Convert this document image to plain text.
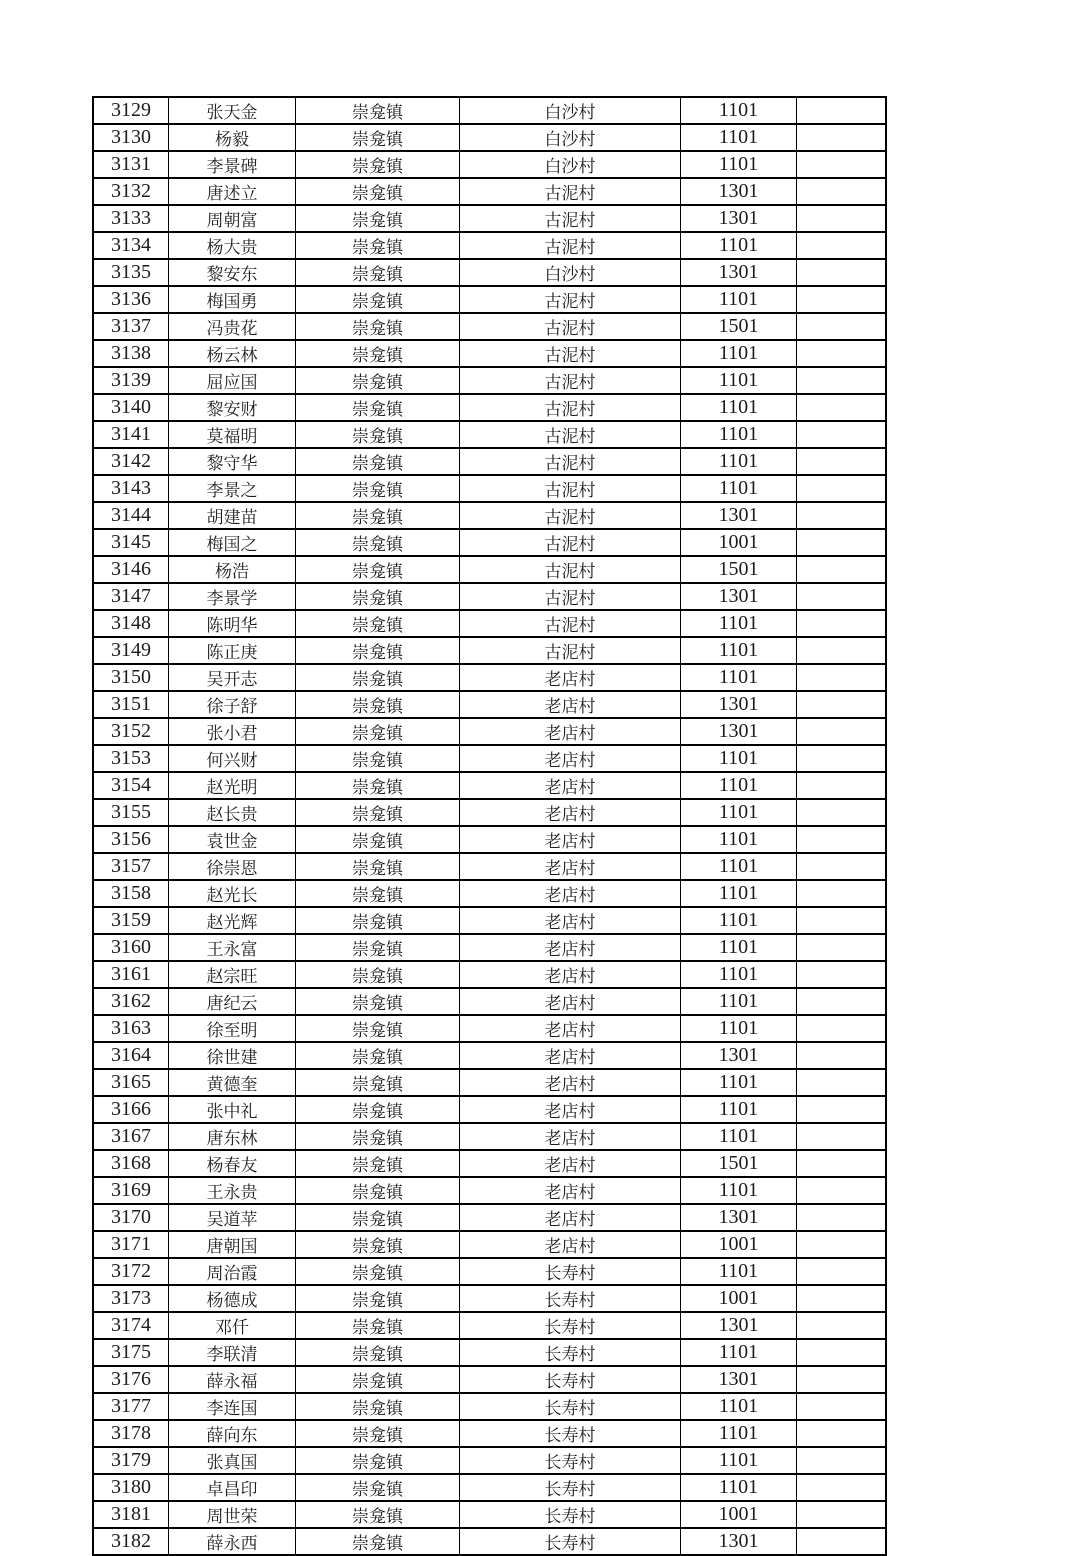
3129	张天金	崇龛镇	白沙村	1101	
3130	杨毅	崇龛镇	白沙村	1101	
3131	李景碑	崇龛镇	白沙村	1101	
3132	唐述立	崇龛镇	古泥村	1301	
3133	周朝富	崇龛镇	古泥村	1301	
3134	杨大贵	崇龛镇	古泥村	1101	
3135	黎安东	崇龛镇	白沙村	1301	
3136	梅国勇	崇龛镇	古泥村	1101	
3137	冯贵花	崇龛镇	古泥村	1501	
3138	杨云林	崇龛镇	古泥村	1101	
3139	屈应国	崇龛镇	古泥村	1101	
3140	黎安财	崇龛镇	古泥村	1101	
3141	莫福明	崇龛镇	古泥村	1101	
3142	黎守华	崇龛镇	古泥村	1101	
3143	李景之	崇龛镇	古泥村	1101	
3144	胡建苗	崇龛镇	古泥村	1301	
3145	梅国之	崇龛镇	古泥村	1001	
3146	杨浩	崇龛镇	古泥村	1501	
3147	李景学	崇龛镇	古泥村	1301	
3148	陈明华	崇龛镇	古泥村	1101	
3149	陈正庚	崇龛镇	古泥村	1101	
3150	吴开志	崇龛镇	老店村	1101	
3151	徐子舒	崇龛镇	老店村	1301	
3152	张小君	崇龛镇	老店村	1301	
3153	何兴财	崇龛镇	老店村	1101	
3154	赵光明	崇龛镇	老店村	1101	
3155	赵长贵	崇龛镇	老店村	1101	
3156	袁世金	崇龛镇	老店村	1101	
3157	徐崇恩	崇龛镇	老店村	1101	
3158	赵光长	崇龛镇	老店村	1101	
3159	赵光辉	崇龛镇	老店村	1101	
3160	王永富	崇龛镇	老店村	1101	
3161	赵宗旺	崇龛镇	老店村	1101	
3162	唐纪云	崇龛镇	老店村	1101	
3163	徐至明	崇龛镇	老店村	1101	
3164	徐世建	崇龛镇	老店村	1301	
3165	黄德奎	崇龛镇	老店村	1101	
3166	张中礼	崇龛镇	老店村	1101	
3167	唐东林	崇龛镇	老店村	1101	
3168	杨春友	崇龛镇	老店村	1501	
3169	王永贵	崇龛镇	老店村	1101	
3170	吴道苹	崇龛镇	老店村	1301	
3171	唐朝国	崇龛镇	老店村	1001	
3172	周治霞	崇龛镇	长寿村	1101	
3173	杨德成	崇龛镇	长寿村	1001	
3174	邓仟	崇龛镇	长寿村	1301	
3175	李联清	崇龛镇	长寿村	1101	
3176	薛永福	崇龛镇	长寿村	1301	
3177	李连国	崇龛镇	长寿村	1101	
3178	薛向东	崇龛镇	长寿村	1101	
3179	张真国	崇龛镇	长寿村	1101	
3180	卓昌印	崇龛镇	长寿村	1101	
3181	周世荣	崇龛镇	长寿村	1001	
3182	薛永西	崇龛镇	长寿村	1301	
